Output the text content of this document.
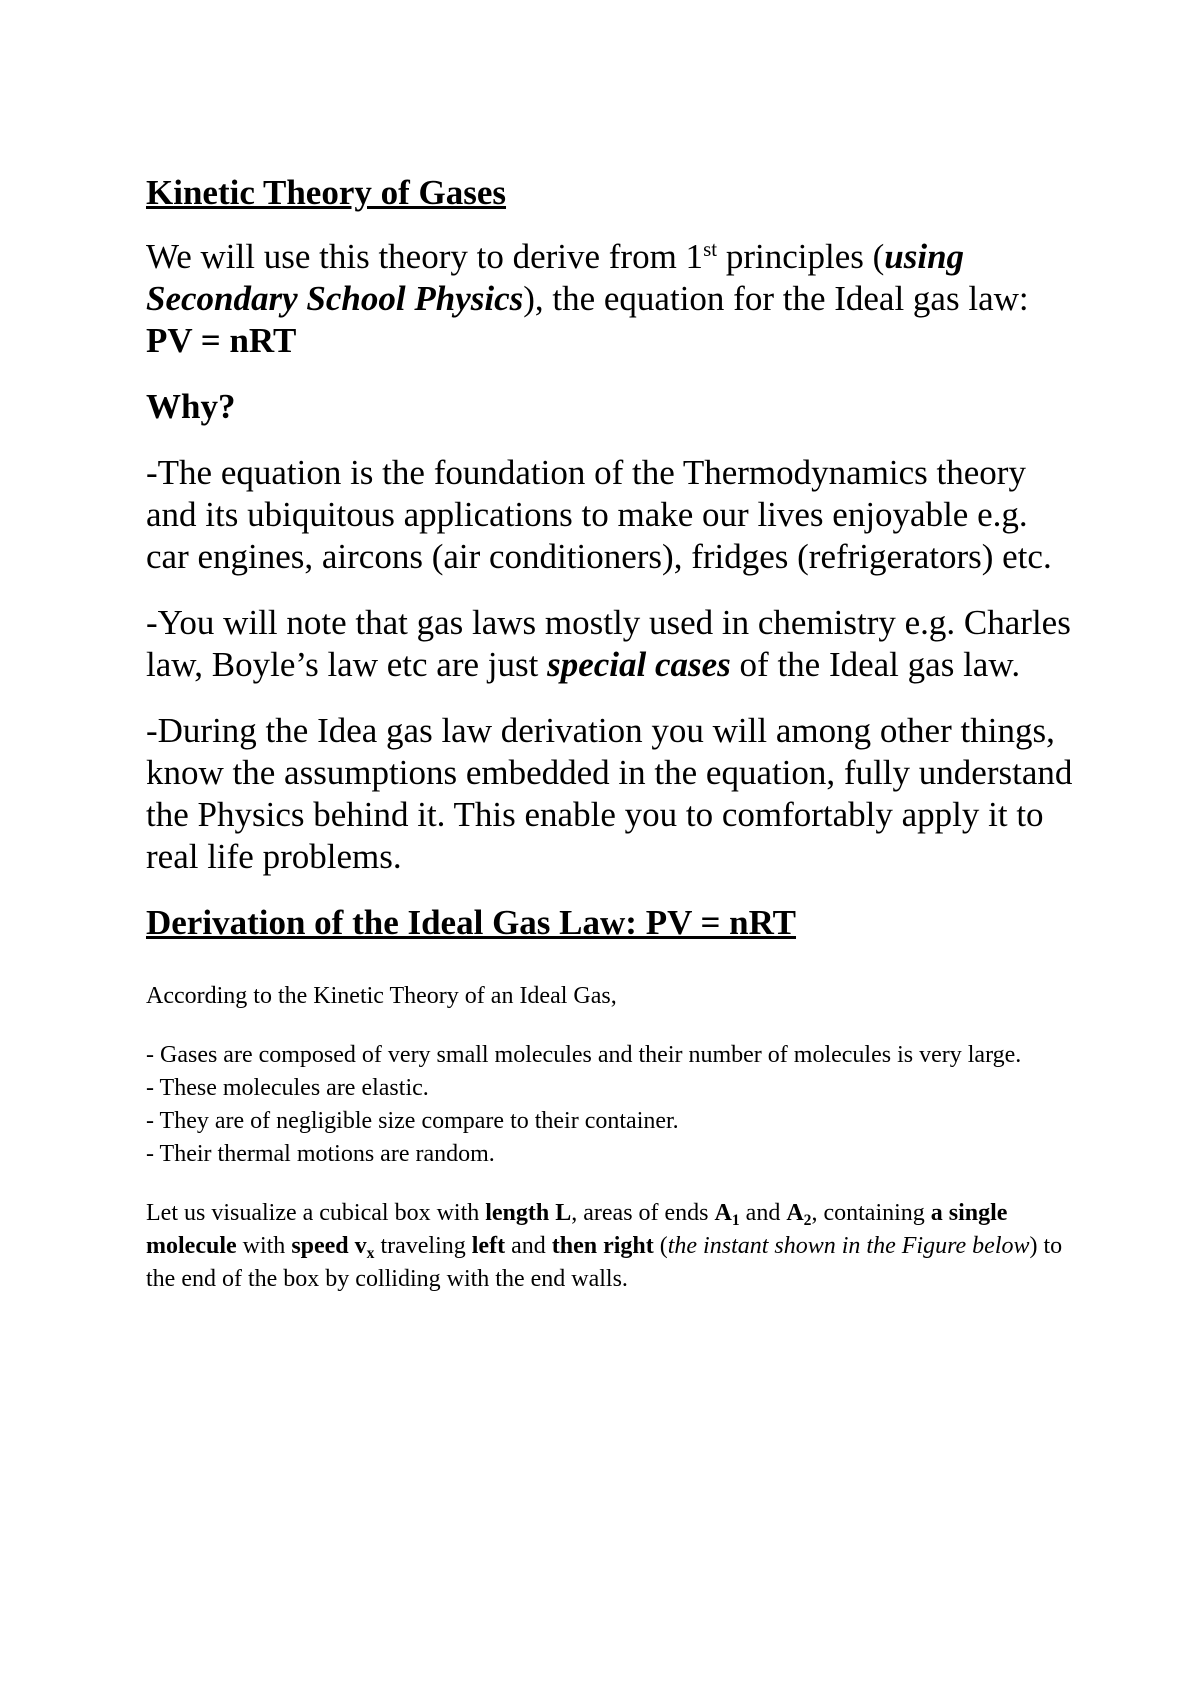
Kinetic Theory of Gases
We will use this theory to derive from 1st principles (using Secondary School Physics), the equation for the Ideal gas law: PV = nRT
Why?
-The equation is the foundation of the Thermodynamics theory and its ubiquitous applications to make our lives enjoyable e.g. car engines, aircons (air conditioners), fridges (refrigerators) etc.
-You will note that gas laws mostly used in chemistry e.g. Charles law, Boyle’s law etc are just special cases of the Ideal gas law.
-During the Idea gas law derivation you will among other things, know the assumptions embedded in the equation, fully understand the Physics behind it. This enable you to comfortably apply it to real life problems.
Derivation of the Ideal Gas Law: PV = nRT
According to the Kinetic Theory of an Ideal Gas,
- Gases are composed of very small molecules and their number of molecules is very large.
- These molecules are elastic.
- They are of negligible size compare to their container.
- Their thermal motions are random.
Let us visualize a cubical box with length L, areas of ends $A_1$ and $A_2$, containing a single molecule with speed $v_x$ traveling left and then right (the instant shown in the Figure below) to the end of the box by colliding with the end walls.
